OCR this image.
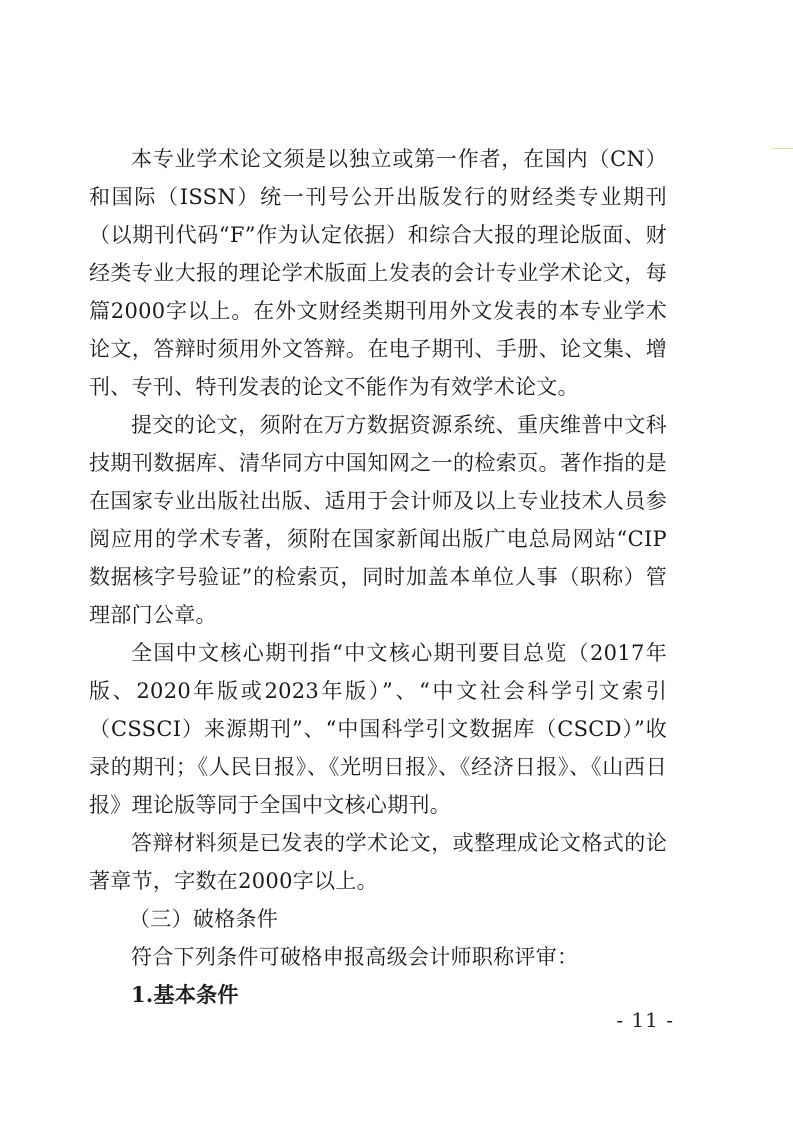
本专业学术论文须是以独立或第一作者，在国内（CN）和国际（ISSN）统一刊号公开出版发行的财经类专业期刊（以期刊代码“F”作为认定依据）和综合大报的理论版面、财经类专业大报的理论学术版面上发表的会计专业学术论文，每篇2000字以上。在外文财经类期刊用外文发表的本专业学术论文，答辩时须用外文答辩。在电子期刊、手册、论文集、增刊、专刊、特刊发表的论文不能作为有效学术论文。

提交的论文，须附在万方数据资源系统、重庆维普中文科技期刊数据库、清华同方中国知网之一的检索页。著作指的是在国家专业出版社出版、适用于会计师及以上专业技术人员参阅应用的学术专著，须附在国家新闻出版广电总局网站“CIP数据核字号验证”的检索页，同时加盖本单位人事（职称）管理部门公章。

全国中文核心期刊指“中文核心期刊要目总览（2017年版、2020年版或2023年版）”、“中文社会科学引文索引（CSSCI）来源期刊”、“中国科学引文数据库（CSCD）”收录的期刊；《人民日报》、《光明日报》、《经济日报》、《山西日报》理论版等同于全国中文核心期刊。

答辩材料须是已发表的学术论文，或整理成论文格式的论著章节，字数在2000字以上。

（三）破格条件

符合下列条件可破格申报高级会计师职称评审：

1.基本条件

- 11 -
